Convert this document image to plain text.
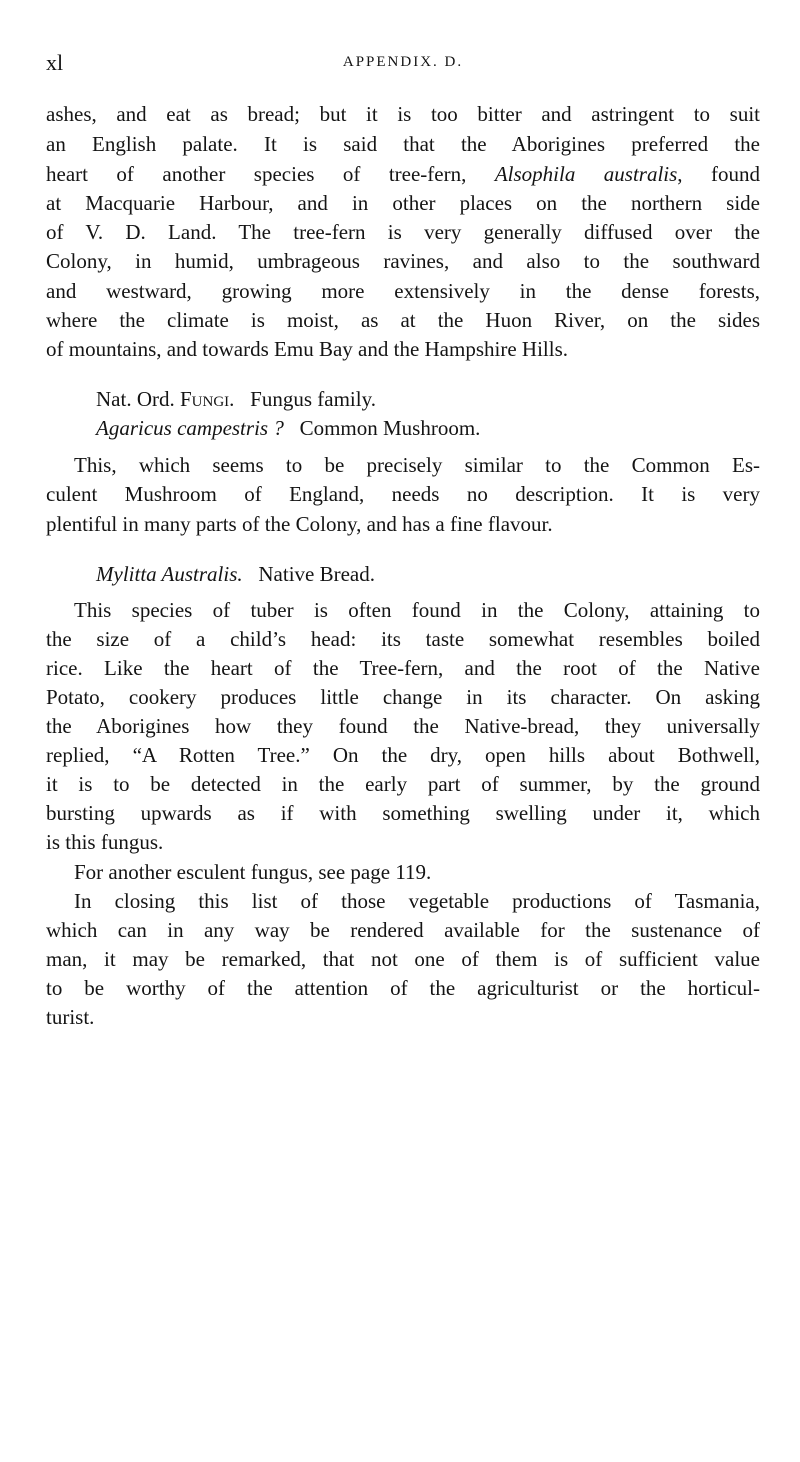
xl	APPENDIX. D.
ashes, and eat as bread; but it is too bitter and astringent to suit
an English palate. It is said that the Aborigines preferred the
heart of another species of tree-fern, Alsophila australis, found
at Macquarie Harbour, and in other places on the northern side
of V. D. Land. The tree-fern is very generally diffused over the
Colony, in humid, umbrageous ravines, and also to the southward
and westward, growing more extensively in the dense forests,
where the climate is moist, as at the Huon River, on the sides
of mountains, and towards Emu Bay and the Hampshire Hills.
Nat. Ord. Fungi.   Fungus family.
Agaricus campestris ? Common Mushroom.
This, which seems to be precisely similar to the Common Es-
culent Mushroom of England, needs no description. It is very
plentiful in many parts of the Colony, and has a fine flavour.
Mylitta Australis. Native Bread.
This species of tuber is often found in the Colony, attaining to
the size of a child’s head: its taste somewhat resembles boiled
rice. Like the heart of the Tree-fern, and the root of the Native
Potato, cookery produces little change in its character. On asking
the Aborigines how they found the Native-bread, they universally
replied, “A Rotten Tree.” On the dry, open hills about Bothwell,
it is to be detected in the early part of summer, by the ground
bursting upwards as if with something swelling under it, which
is this fungus.
For another esculent fungus, see page 119.
In closing this list of those vegetable productions of Tasmania,
which can in any way be rendered available for the sustenance of
man, it may be remarked, that not one of them is of sufficient value
to be worthy of the attention of the agriculturist or the horticul-
turist.
